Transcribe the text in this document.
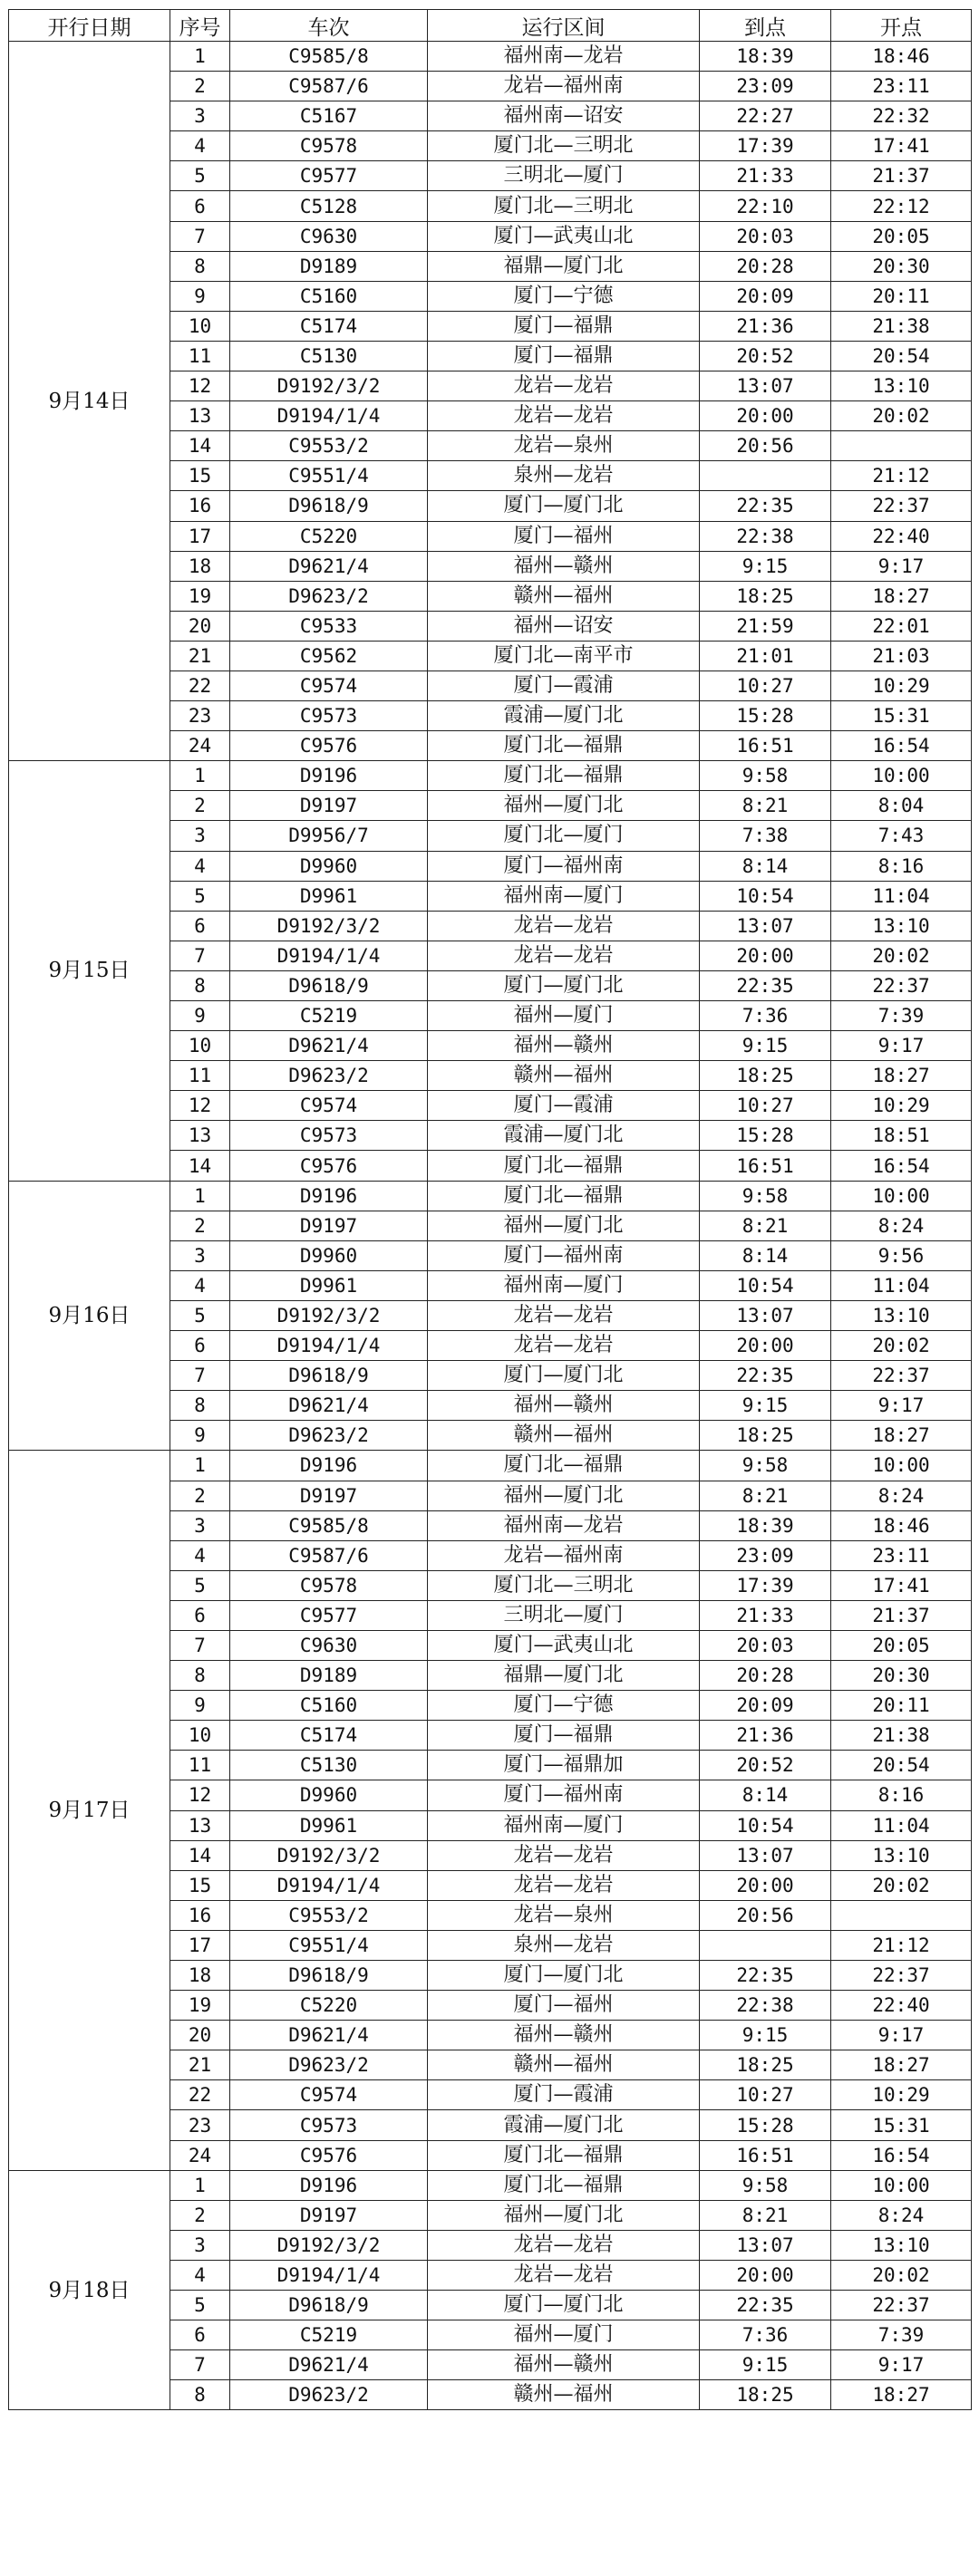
开行日期	序号	车次	运行区间	到点	开点
9月14日	1	C9585/8	福州南—龙岩	18:39	18:46
	2	C9587/6	龙岩—福州南	23:09	23:11
	3	C5167	福州南—诏安	22:27	22:32
	4	C9578	厦门北—三明北	17:39	17:41
	5	C9577	三明北—厦门	21:33	21:37
	6	C5128	厦门北—三明北	22:10	22:12
	7	C9630	厦门—武夷山北	20:03	20:05
	8	D9189	福鼎—厦门北	20:28	20:30
	9	C5160	厦门—宁德	20:09	20:11
	10	C5174	厦门—福鼎	21:36	21:38
	11	C5130	厦门—福鼎	20:52	20:54
	12	D9192/3/2	龙岩—龙岩	13:07	13:10
	13	D9194/1/4	龙岩—龙岩	20:00	20:02
	14	C9553/2	龙岩—泉州	20:56	
	15	C9551/4	泉州—龙岩		21:12
	16	D9618/9	厦门—厦门北	22:35	22:37
	17	C5220	厦门—福州	22:38	22:40
	18	D9621/4	福州—赣州	9:15	9:17
	19	D9623/2	赣州—福州	18:25	18:27
	20	C9533	福州—诏安	21:59	22:01
	21	C9562	厦门北—南平市	21:01	21:03
	22	C9574	厦门—霞浦	10:27	10:29
	23	C9573	霞浦—厦门北	15:28	15:31
	24	C9576	厦门北—福鼎	16:51	16:54
9月15日	1	D9196	厦门北—福鼎	9:58	10:00
	2	D9197	福州—厦门北	8:21	8:04
	3	D9956/7	厦门北—厦门	7:38	7:43
	4	D9960	厦门—福州南	8:14	8:16
	5	D9961	福州南—厦门	10:54	11:04
	6	D9192/3/2	龙岩—龙岩	13:07	13:10
	7	D9194/1/4	龙岩—龙岩	20:00	20:02
	8	D9618/9	厦门—厦门北	22:35	22:37
	9	C5219	福州—厦门	7:36	7:39
	10	D9621/4	福州—赣州	9:15	9:17
	11	D9623/2	赣州—福州	18:25	18:27
	12	C9574	厦门—霞浦	10:27	10:29
	13	C9573	霞浦—厦门北	15:28	18:51
	14	C9576	厦门北—福鼎	16:51	16:54
9月16日	1	D9196	厦门北—福鼎	9:58	10:00
	2	D9197	福州—厦门北	8:21	8:24
	3	D9960	厦门—福州南	8:14	9:56
	4	D9961	福州南—厦门	10:54	11:04
	5	D9192/3/2	龙岩—龙岩	13:07	13:10
	6	D9194/1/4	龙岩—龙岩	20:00	20:02
	7	D9618/9	厦门—厦门北	22:35	22:37
	8	D9621/4	福州—赣州	9:15	9:17
	9	D9623/2	赣州—福州	18:25	18:27
9月17日	1	D9196	厦门北—福鼎	9:58	10:00
	2	D9197	福州—厦门北	8:21	8:24
	3	C9585/8	福州南—龙岩	18:39	18:46
	4	C9587/6	龙岩—福州南	23:09	23:11
	5	C9578	厦门北—三明北	17:39	17:41
	6	C9577	三明北—厦门	21:33	21:37
	7	C9630	厦门—武夷山北	20:03	20:05
	8	D9189	福鼎—厦门北	20:28	20:30
	9	C5160	厦门—宁德	20:09	20:11
	10	C5174	厦门—福鼎	21:36	21:38
	11	C5130	厦门—福鼎加	20:52	20:54
	12	D9960	厦门—福州南	8:14	8:16
	13	D9961	福州南—厦门	10:54	11:04
	14	D9192/3/2	龙岩—龙岩	13:07	13:10
	15	D9194/1/4	龙岩—龙岩	20:00	20:02
	16	C9553/2	龙岩—泉州	20:56	
	17	C9551/4	泉州—龙岩		21:12
	18	D9618/9	厦门—厦门北	22:35	22:37
	19	C5220	厦门—福州	22:38	22:40
	20	D9621/4	福州—赣州	9:15	9:17
	21	D9623/2	赣州—福州	18:25	18:27
	22	C9574	厦门—霞浦	10:27	10:29
	23	C9573	霞浦—厦门北	15:28	15:31
	24	C9576	厦门北—福鼎	16:51	16:54
9月18日	1	D9196	厦门北—福鼎	9:58	10:00
	2	D9197	福州—厦门北	8:21	8:24
	3	D9192/3/2	龙岩—龙岩	13:07	13:10
	4	D9194/1/4	龙岩—龙岩	20:00	20:02
	5	D9618/9	厦门—厦门北	22:35	22:37
	6	C5219	福州—厦门	7:36	7:39
	7	D9621/4	福州—赣州	9:15	9:17
	8	D9623/2	赣州—福州	18:25	18:27
